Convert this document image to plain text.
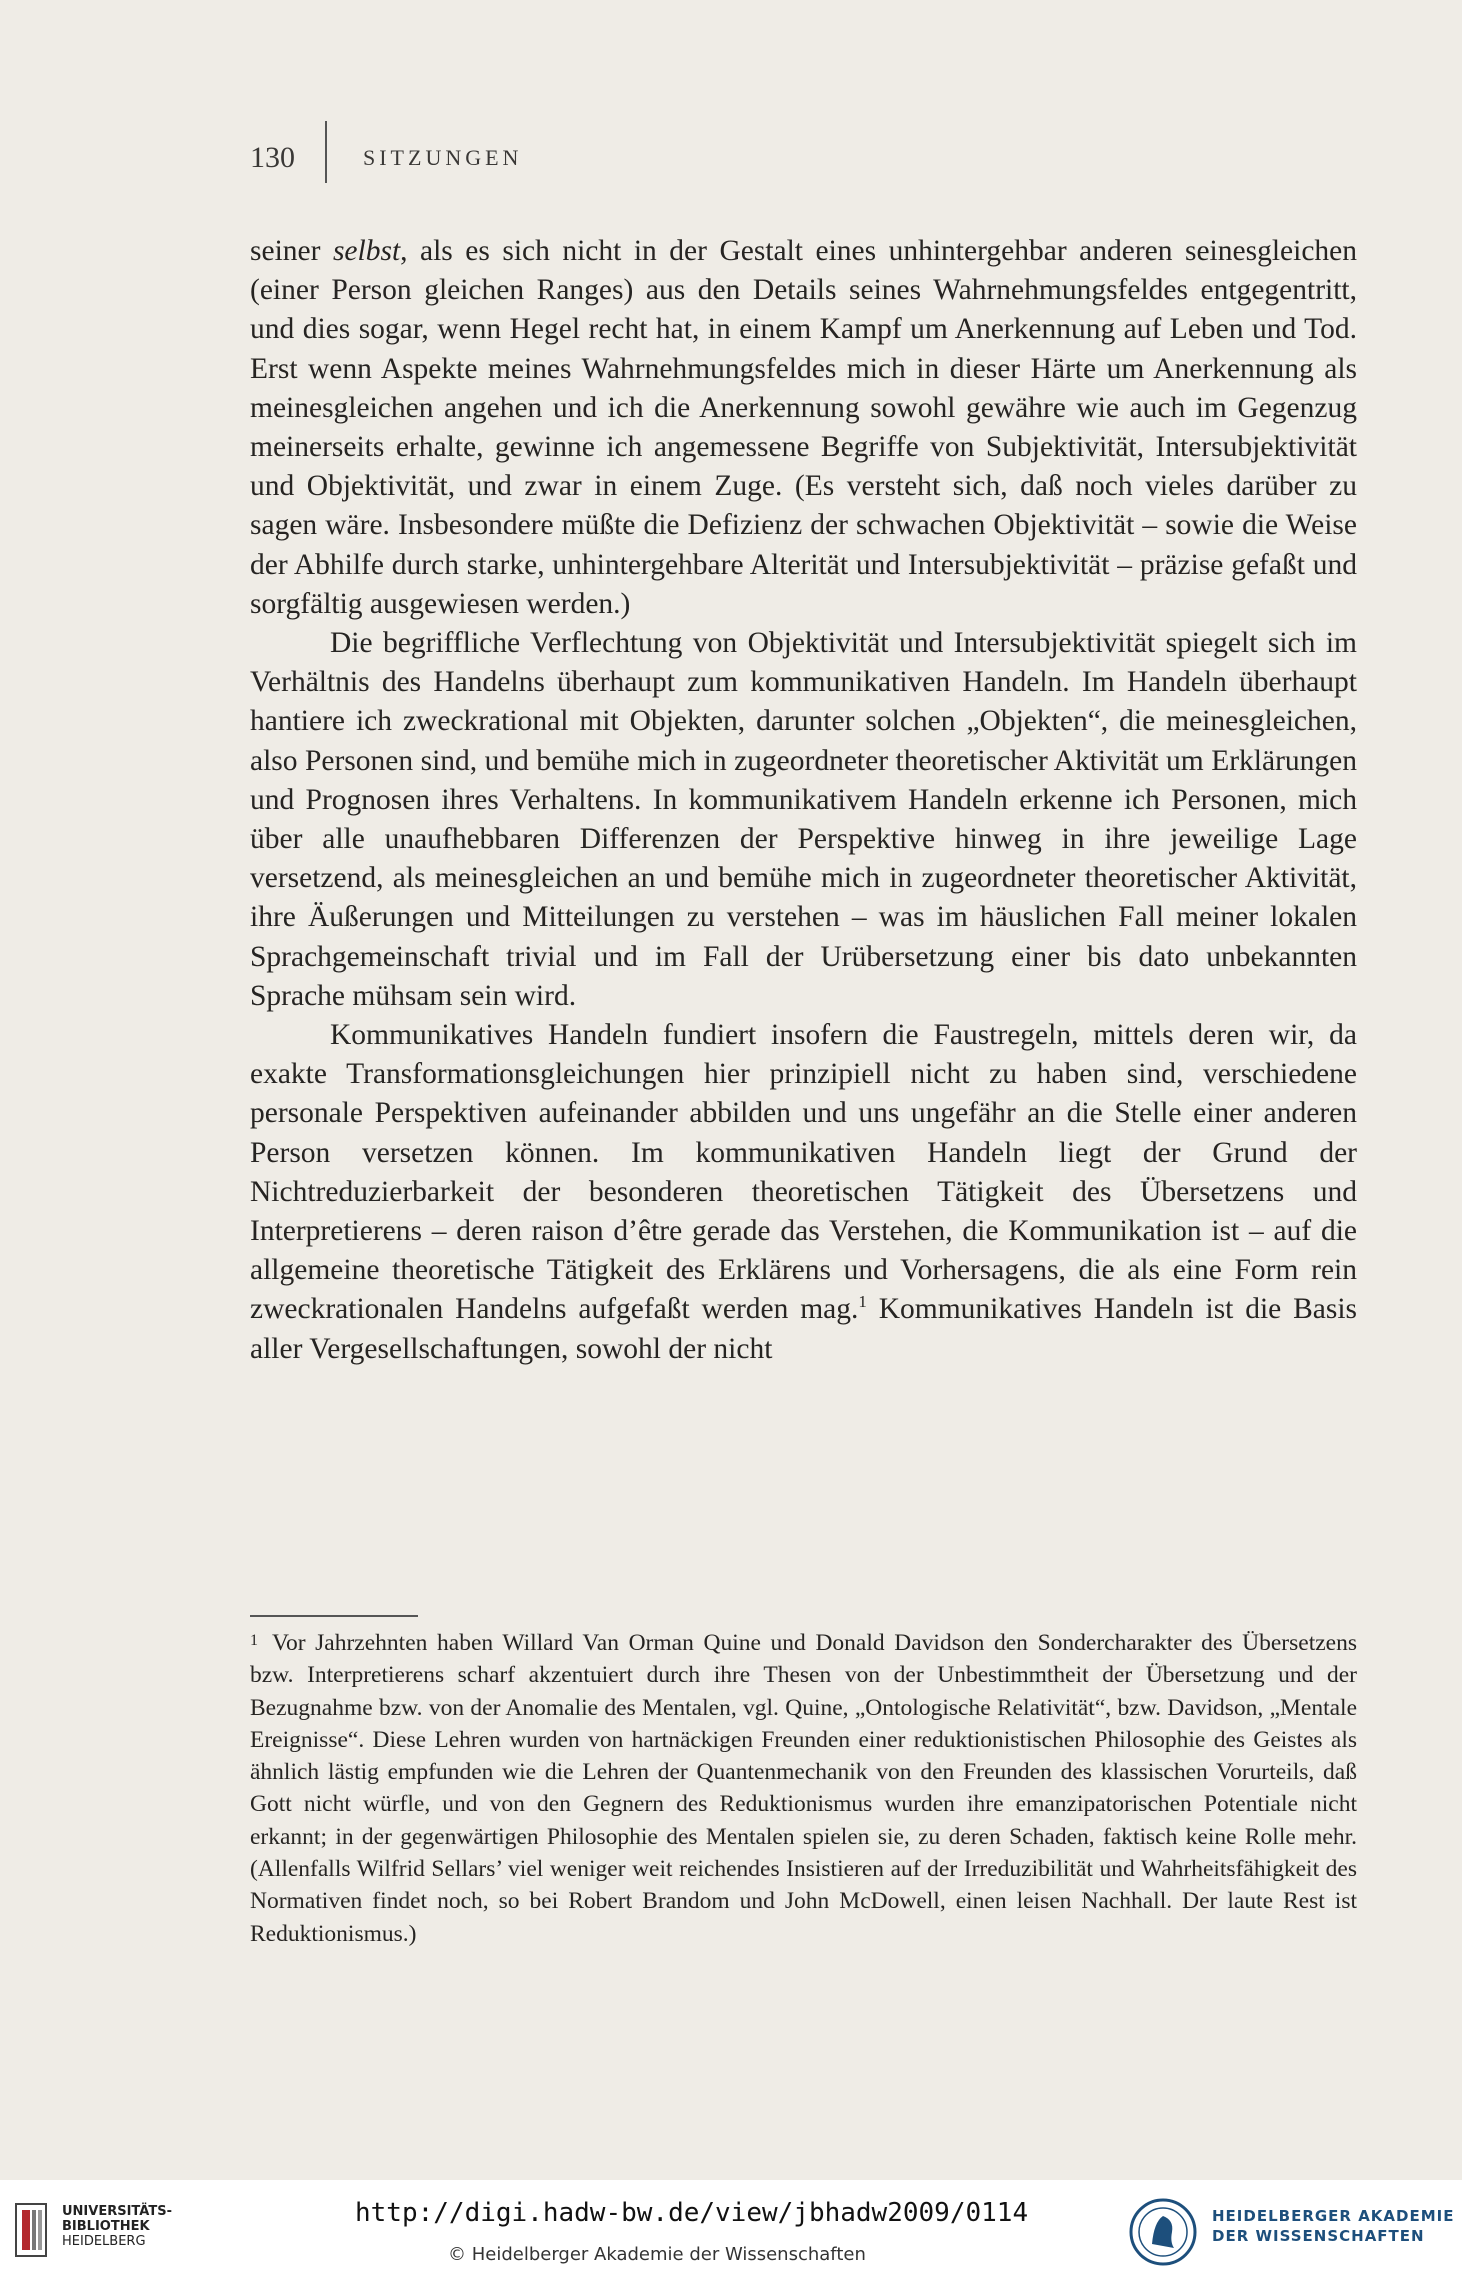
130	SITZUNGEN

seiner selbst, als es sich nicht in der Gestalt eines unhintergehbar anderen seinesgleichen (einer Person gleichen Ranges) aus den Details seines Wahrnehmungsfeldes entgegentritt, und dies sogar, wenn Hegel recht hat, in einem Kampf um Anerkennung auf Leben und Tod. Erst wenn Aspekte meines Wahrnehmungsfeldes mich in dieser Härte um Anerkennung als meinesgleichen angehen und ich die Anerkennung sowohl gewähre wie auch im Gegenzug meinerseits erhalte, gewinne ich angemessene Begriffe von Subjektivität, Intersubjektivität und Objektivität, und zwar in einem Zuge. (Es versteht sich, daß noch vieles darüber zu sagen wäre. Insbesondere müßte die Defizienz der schwachen Objektivität – sowie die Weise der Abhilfe durch starke, unhintergehbare Alterität und Intersubjektivität – präzise gefaßt und sorgfältig ausgewiesen werden.)

Die begriffliche Verflechtung von Objektivität und Intersubjektivität spiegelt sich im Verhältnis des Handelns überhaupt zum kommunikativen Handeln. Im Handeln überhaupt hantiere ich zweckrational mit Objekten, darunter solchen „Objekten“, die meinesgleichen, also Personen sind, und bemühe mich in zugeordneter theoretischer Aktivität um Erklärungen und Prognosen ihres Verhaltens. In kommunikativem Handeln erkenne ich Personen, mich über alle unaufhebbaren Differenzen der Perspektive hinweg in ihre jeweilige Lage versetzend, als meinesgleichen an und bemühe mich in zugeordneter theoretischer Aktivität, ihre Äußerungen und Mitteilungen zu verstehen – was im häuslichen Fall meiner lokalen Sprachgemeinschaft trivial und im Fall der Urübersetzung einer bis dato unbekannten Sprache mühsam sein wird.

Kommunikatives Handeln fundiert insofern die Faustregeln, mittels deren wir, da exakte Transformationsgleichungen hier prinzipiell nicht zu haben sind, verschiedene personale Perspektiven aufeinander abbilden und uns ungefähr an die Stelle einer anderen Person versetzen können. Im kommunikativen Handeln liegt der Grund der Nichtreduzierbarkeit der besonderen theoretischen Tätigkeit des Übersetzens und Interpretierens – deren raison d’être gerade das Verstehen, die Kommunikation ist – auf die allgemeine theoretische Tätigkeit des Erklärens und Vorhersagens, die als eine Form rein zweckrationalen Handelns aufgefaßt werden mag.$^1$ Kommunikatives Handeln ist die Basis aller Vergesellschaftungen, sowohl der nicht

$^1$ Vor Jahrzehnten haben Willard Van Orman Quine und Donald Davidson den Sondercharakter des Übersetzens bzw. Interpretierens scharf akzentuiert durch ihre Thesen von der Unbestimmtheit der Übersetzung und der Bezugnahme bzw. von der Anomalie des Mentalen, vgl. Quine, „Ontologische Relativität“, bzw. Davidson, „Mentale Ereignisse“. Diese Lehren wurden von hartnäckigen Freunden einer reduktionistischen Philosophie des Geistes als ähnlich lästig empfunden wie die Lehren der Quantenmechanik von den Freunden des klassischen Vorurteils, daß Gott nicht würfle, und von den Gegnern des Reduktionismus wurden ihre emanzipatorischen Potentiale nicht erkannt; in der gegenwärtigen Philosophie des Mentalen spielen sie, zu deren Schaden, faktisch keine Rolle mehr. (Allenfalls Wilfrid Sellars’ viel weniger weit reichendes Insistieren auf der Irreduzibilität und Wahrheitsfähigkeit des Normativen findet noch, so bei Robert Brandom und John McDowell, einen leisen Nachhall. Der laute Rest ist Reduktionismus.)
UNIVERSITÄTS-
BIBLIOTHEK
HEIDELBERG
http://digi.hadw-bw.de/view/jbhadw2009/0114
© Heidelberger Akademie der Wissenschaften
HEIDELBERGER AKADEMIE
DER WISSENSCHAFTEN
